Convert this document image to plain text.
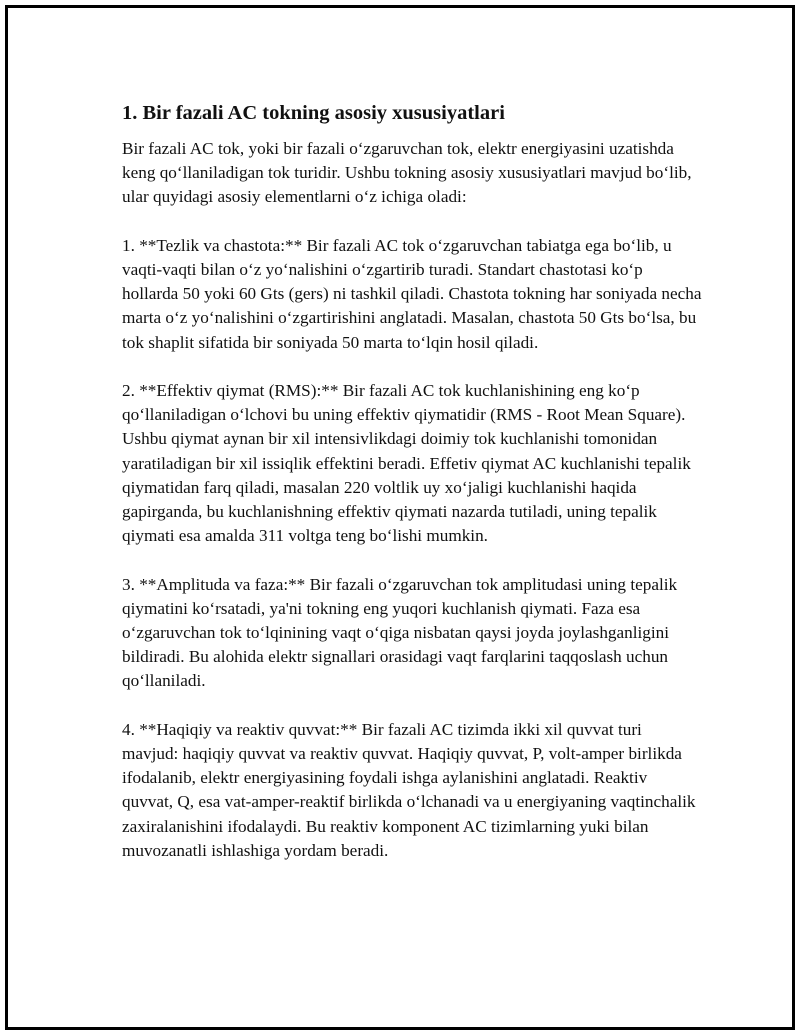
1. Bir fazali AC tokning asosiy xususiyatlari

Bir fazali AC tok, yoki bir fazali oʻzgaruvchan tok, elektr energiyasini uzatishda keng qoʻllaniladigan tok turidir. Ushbu tokning asosiy xususiyatlari mavjud boʻlib, ular quyidagi asosiy elementlarni oʻz ichiga oladi:

1. **Tezlik va chastota:** Bir fazali AC tok oʻzgaruvchan tabiatga ega boʻlib, u vaqti-vaqti bilan oʻz yoʻnalishini oʻzgartirib turadi. Standart chastotasi koʻp hollarda 50 yoki 60 Gts (gers) ni tashkil qiladi. Chastota tokning har soniyada necha marta oʻz yoʻnalishini oʻzgartirishini anglatadi. Masalan, chastota 50 Gts boʻlsa, bu tok shaplit sifatida bir soniyada 50 marta toʻlqin hosil qiladi.

2. **Effektiv qiymat (RMS):** Bir fazali AC tok kuchlanishining eng koʻp qoʻllaniladigan oʻlchovi bu uning effektiv qiymatidir (RMS - Root Mean Square). Ushbu qiymat aynan bir xil intensivlikdagi doimiy tok kuchlanishi tomonidan yaratiladigan bir xil issiqlik effektini beradi. Effetiv qiymat AC kuchlanishi tepalik qiymatidan farq qiladi, masalan 220 voltlik uy xoʻjaligi kuchlanishi haqida gapirganda, bu kuchlanishning effektiv qiymati nazarda tutiladi, uning tepalik qiymati esa amalda 311 voltga teng boʻlishi mumkin.

3. **Amplituda va faza:** Bir fazali oʻzgaruvchan tok amplitudasi uning tepalik qiymatini koʻrsatadi, ya'ni tokning eng yuqori kuchlanish qiymati. Faza esa oʻzgaruvchan tok toʻlqinining vaqt oʻqiga nisbatan qaysi joyda joylashganligini bildiradi. Bu alohida elektr signallari orasidagi vaqt farqlarini taqqoslash uchun qoʻllaniladi.

4. **Haqiqiy va reaktiv quvvat:** Bir fazali AC tizimda ikki xil quvvat turi mavjud: haqiqiy quvvat va reaktiv quvvat. Haqiqiy quvvat, P, volt-amper birlikda ifodalanib, elektr energiyasining foydali ishga aylanishini anglatadi. Reaktiv quvvat, Q, esa vat-amper-reaktif birlikda oʻlchanadi va u energiyaning vaqtinchalik zaxiralanishini ifodalaydi. Bu reaktiv komponent AC tizimlarning yuki bilan muvozanatli ishlashiga yordam beradi.
